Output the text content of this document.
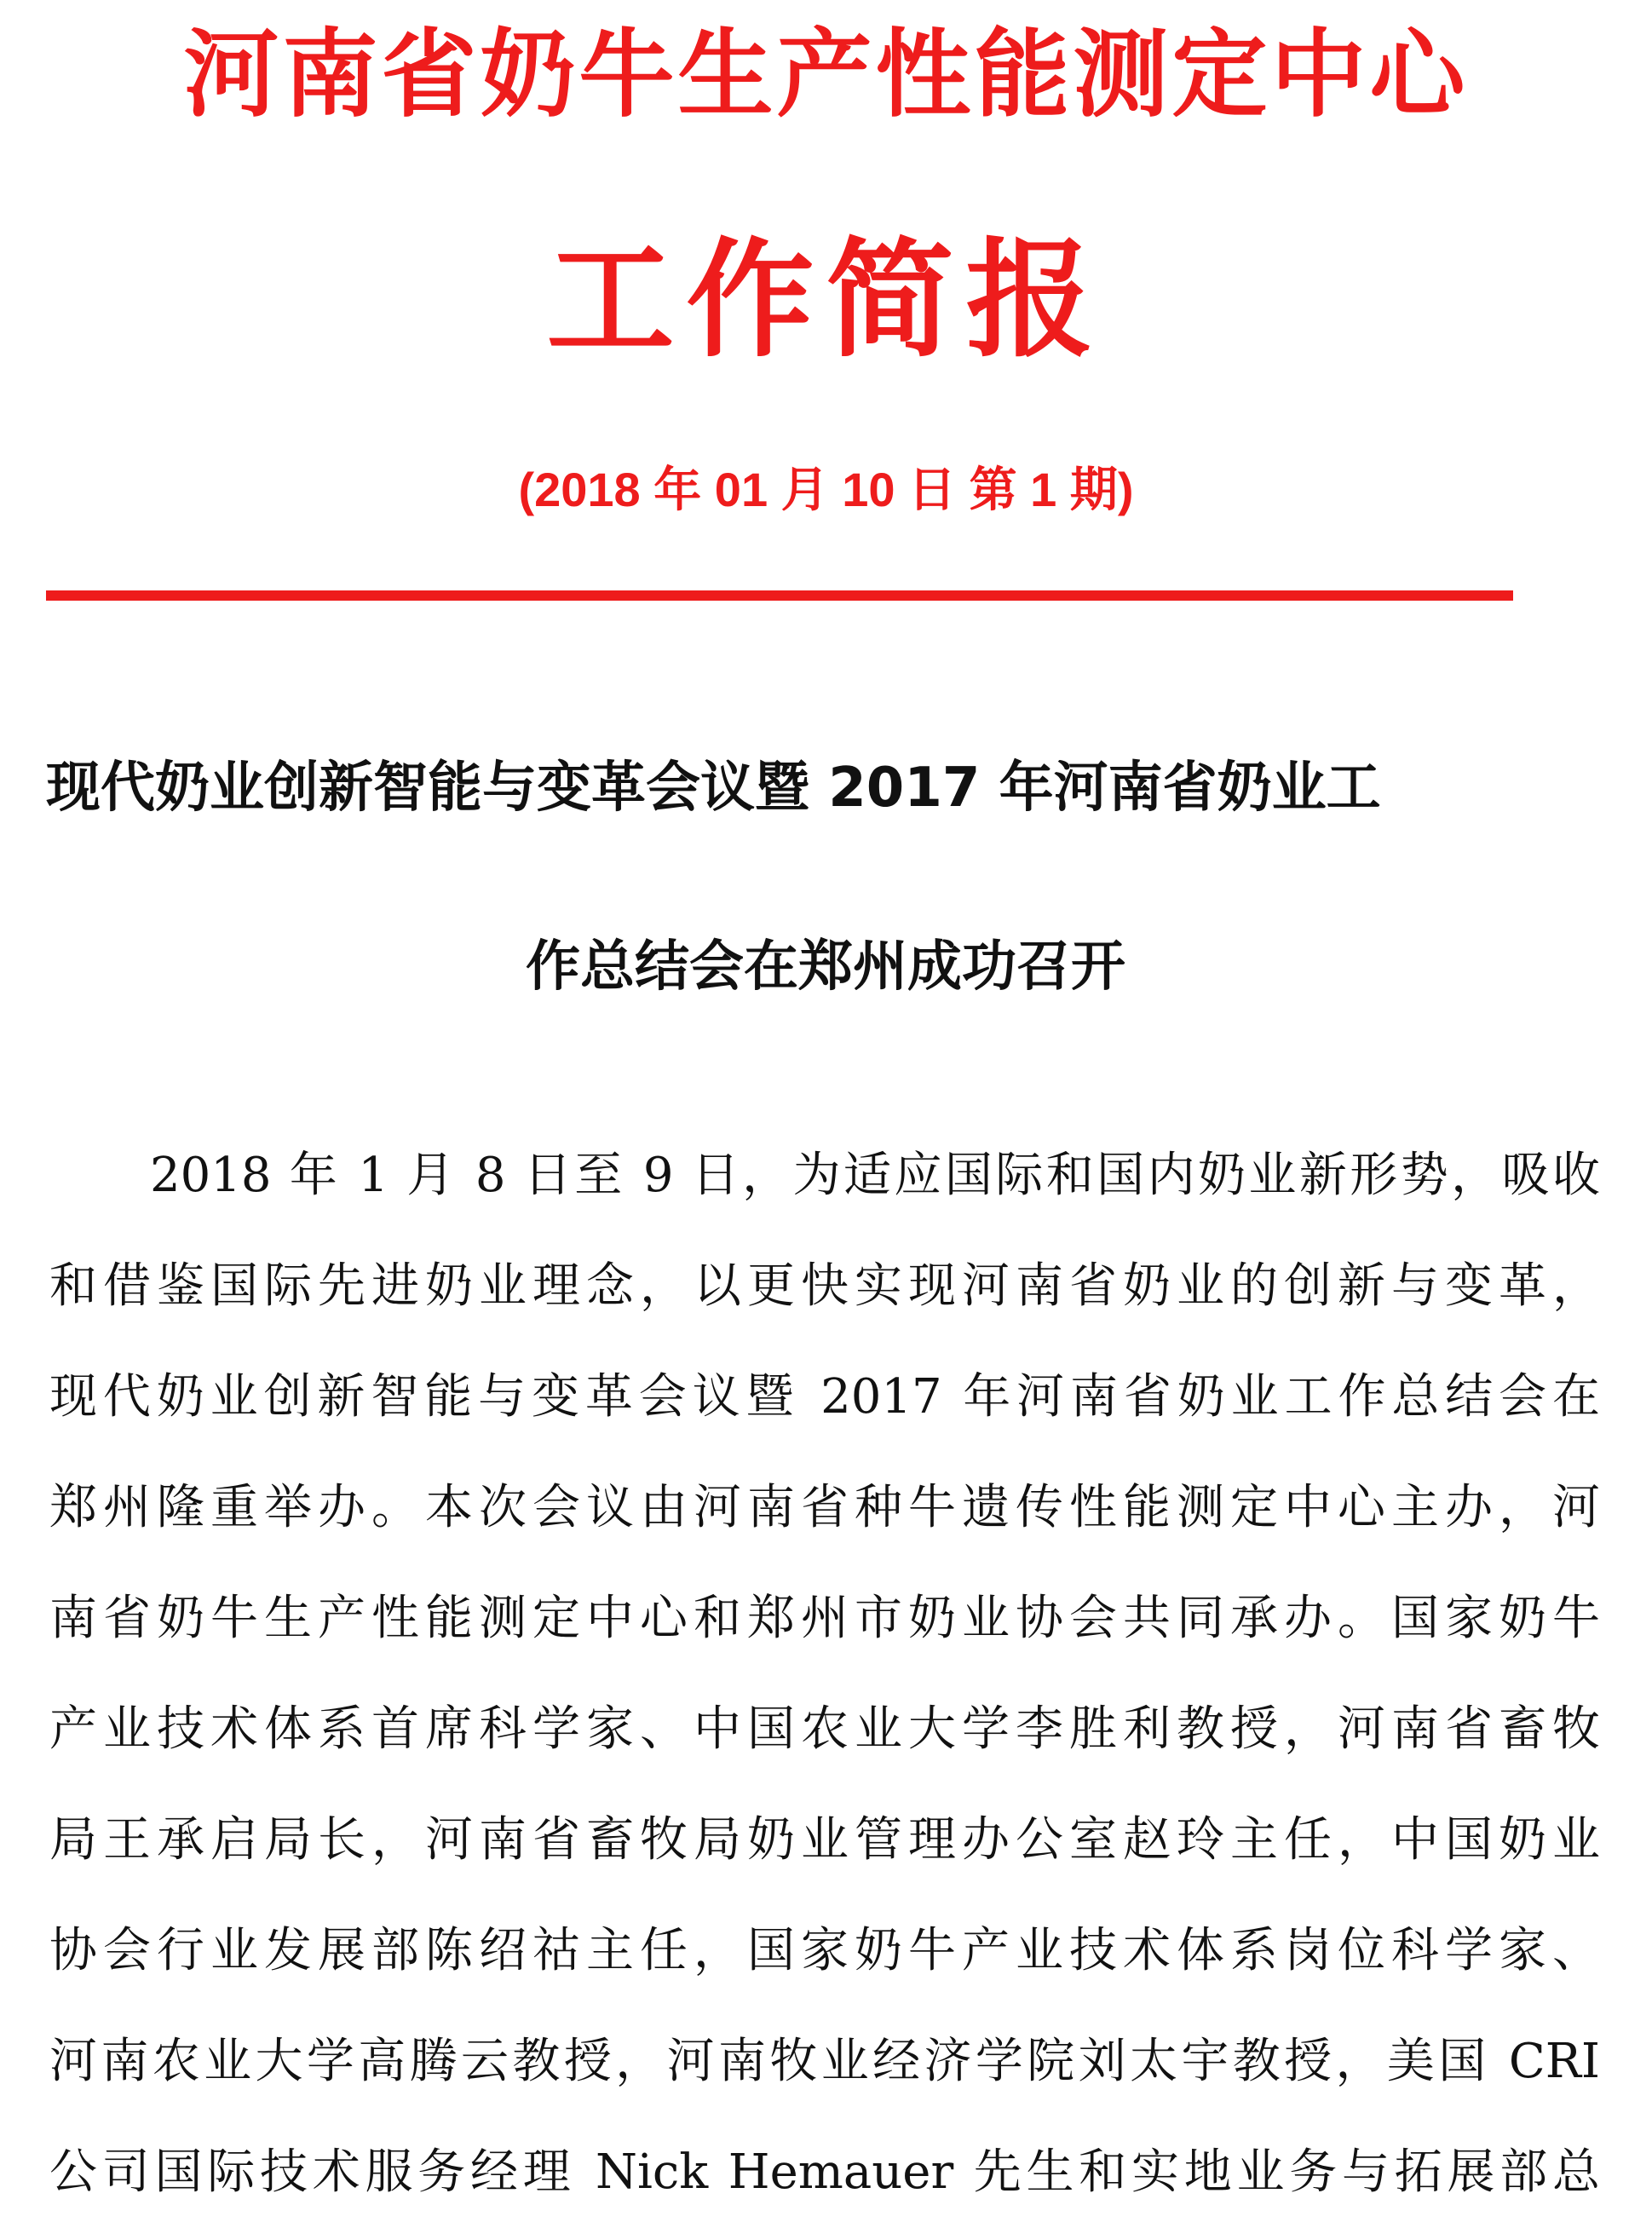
河南省奶牛生产性能测定中心
工作简报
(2018 年 01 月 10 日 第 1 期)
现代奶业创新智能与变革会议暨 2017 年河南省奶业工
作总结会在郑州成功召开
2018 年 1 月 8 日至 9 日，为适应国际和国内奶业新形势，吸收
和借鉴国际先进奶业理念，以更快实现河南省奶业的创新与变革，
现代奶业创新智能与变革会议暨 2017 年河南省奶业工作总结会在
郑州隆重举办。本次会议由河南省种牛遗传性能测定中心主办，河
南省奶牛生产性能测定中心和郑州市奶业协会共同承办。国家奶牛
产业技术体系首席科学家、中国农业大学李胜利教授，河南省畜牧
局王承启局长，河南省畜牧局奶业管理办公室赵玲主任，中国奶业
协会行业发展部陈绍祜主任，国家奶牛产业技术体系岗位科学家、
河南农业大学高腾云教授，河南牧业经济学院刘太宇教授，美国 CRI
公司国际技术服务经理 Nick Hemauer 先生和实地业务与拓展部总
